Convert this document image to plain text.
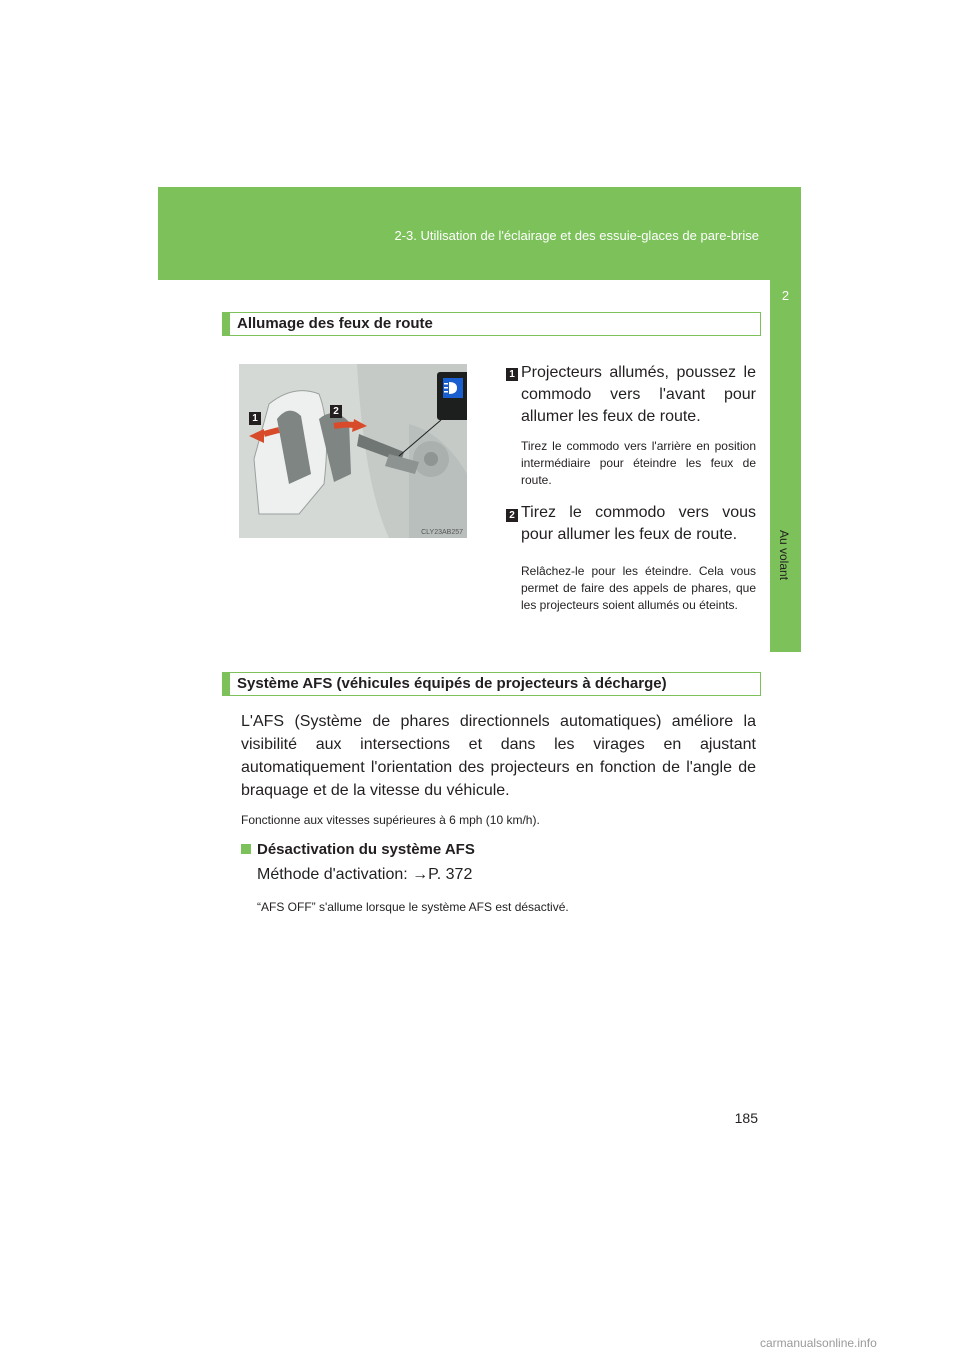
2-3. Utilisation de l'éclairage et des essuie-glaces de pare-brise
2
Au volant
Allumage des feux de route
1
2
CLY23AB257
1 Projecteurs allumés, poussez le commodo vers l'avant pour allumer les feux de route.
Tirez le commodo vers l'arrière en position intermédiaire pour éteindre les feux de route.
2 Tirez le commodo vers vous pour allumer les feux de route.
Relâchez-le pour les éteindre. Cela vous permet de faire des appels de phares, que les projecteurs soient allumés ou éteints.
Système AFS (véhicules équipés de projecteurs à décharge)
L'AFS (Système de phares directionnels automatiques) améliore la visibilité aux intersections et dans les virages en ajustant automatiquement l'orientation des projecteurs en fonction de l'angle de braquage et de la vitesse du véhicule.
Fonctionne aux vitesses supérieures à 6 mph (10 km/h).
Désactivation du système AFS
Méthode d'activation: →P. 372
“AFS OFF” s'allume lorsque le système AFS est désactivé.
185
carmanualsonline.info
